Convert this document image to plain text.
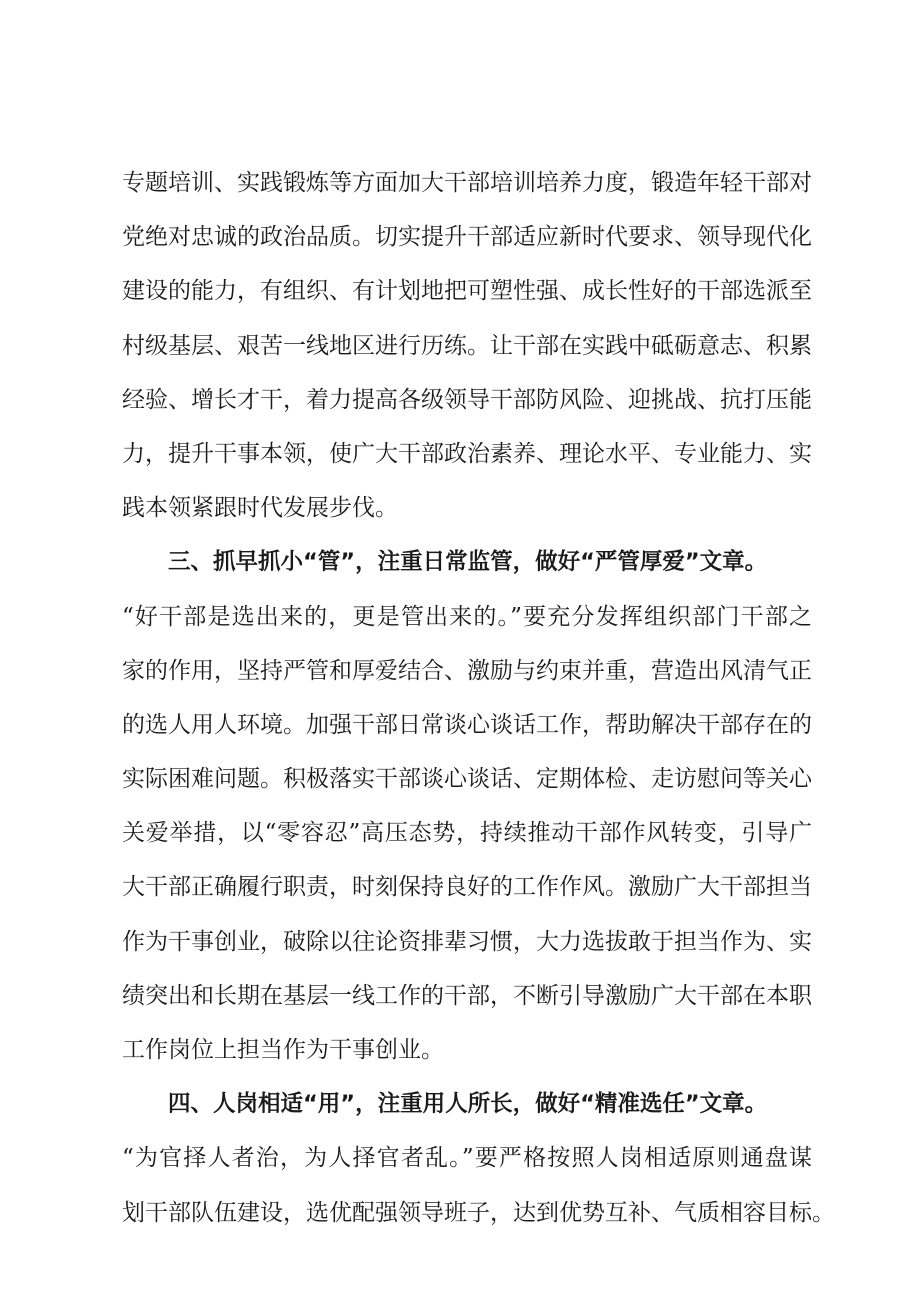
专题培训、实践锻炼等方面加大干部培训培养力度，锻造年轻干部对
党绝对忠诚的政治品质。切实提升干部适应新时代要求、领导现代化
建设的能力，有组织、有计划地把可塑性强、成长性好的干部选派至
村级基层、艰苦一线地区进行历练。让干部在实践中砥砺意志、积累
经验、增长才干，着力提高各级领导干部防风险、迎挑战、抗打压能
力，提升干事本领，使广大干部政治素养、理论水平、专业能力、实
践本领紧跟时代发展步伐。
三、抓早抓小“管”，注重日常监管，做好“严管厚爱”文章。
“好干部是选出来的，更是管出来的。”要充分发挥组织部门干部之
家的作用，坚持严管和厚爱结合、激励与约束并重，营造出风清气正
的选人用人环境。加强干部日常谈心谈话工作，帮助解决干部存在的
实际困难问题。积极落实干部谈心谈话、定期体检、走访慰问等关心
关爱举措，以“零容忍”高压态势，持续推动干部作风转变，引导广
大干部正确履行职责，时刻保持良好的工作作风。激励广大干部担当
作为干事创业，破除以往论资排辈习惯，大力选拔敢于担当作为、实
绩突出和长期在基层一线工作的干部，不断引导激励广大干部在本职
工作岗位上担当作为干事创业。
四、人岗相适“用”，注重用人所长，做好“精准选任”文章。
“为官择人者治，为人择官者乱。”要严格按照人岗相适原则通盘谋
划干部队伍建设，选优配强领导班子，达到优势互补、气质相容目标。
